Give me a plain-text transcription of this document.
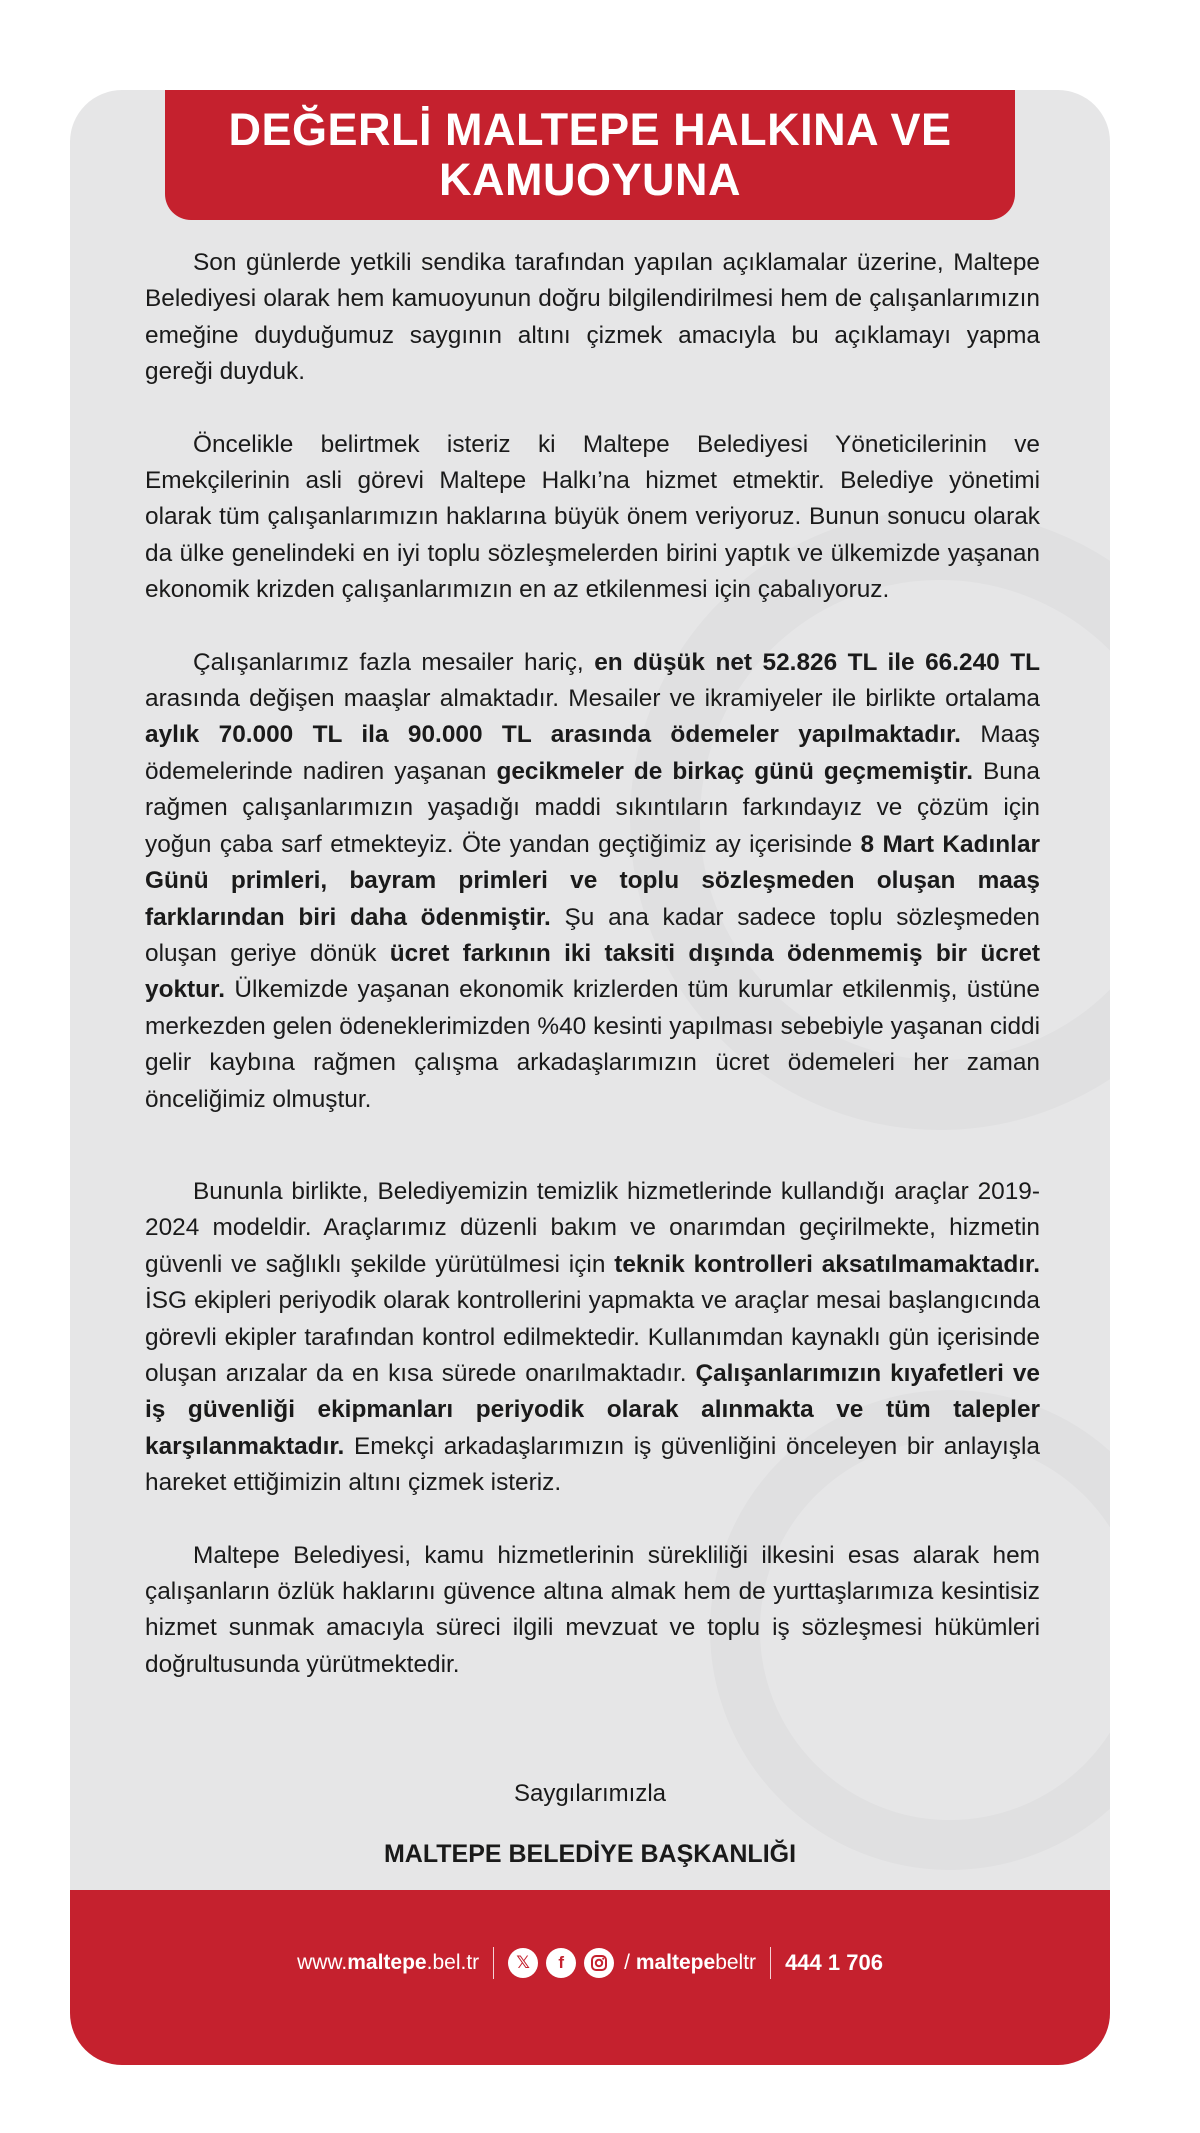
DEĞERLİ MALTEPE HALKINA VE
KAMUOYUNA

Son günlerde yetkili sendika tarafından yapılan açıklamalar üzerine, Maltepe Belediyesi olarak hem kamuoyunun doğru bilgilendirilmesi hem de çalışanlarımızın emeğine duyduğumuz saygının altını çizmek amacıyla bu açıklamayı yapma gereği duyduk.

Öncelikle belirtmek isteriz ki Maltepe Belediyesi Yöneticilerinin ve Emekçilerinin asli görevi Maltepe Halkı’na hizmet etmektir. Belediye yönetimi olarak tüm çalışanlarımızın haklarına büyük önem veriyoruz. Bunun sonucu olarak da ülke genelindeki en iyi toplu sözleşmelerden birini yaptık ve ülkemizde yaşanan ekonomik krizden çalışanlarımızın en az etkilenmesi için çabalıyoruz.

Çalışanlarımız fazla mesailer hariç, en düşük net 52.826 TL ile 66.240 TL arasında değişen maaşlar almaktadır. Mesailer ve ikramiyeler ile birlikte ortalama aylık 70.000 TL ila 90.000 TL arasında ödemeler yapılmaktadır. Maaş ödemelerinde nadiren yaşanan gecikmeler de birkaç günü geçmemiştir. Buna rağmen çalışanlarımızın yaşadığı maddi sıkıntıların farkındayız ve çözüm için yoğun çaba sarf etmekteyiz. Öte yandan geçtiğimiz ay içerisinde 8 Mart Kadınlar Günü primleri, bayram primleri ve toplu sözleşmeden oluşan maaş farklarından biri daha ödenmiştir. Şu ana kadar sadece toplu sözleşmeden oluşan geriye dönük ücret farkının iki taksiti dışında ödenmemiş bir ücret yoktur. Ülkemizde yaşanan ekonomik krizlerden tüm kurumlar etkilenmiş, üstüne merkezden gelen ödeneklerimizden %40 kesinti yapılması sebebiyle yaşanan ciddi gelir kaybına rağmen çalışma arkadaşlarımızın ücret ödemeleri her zaman önceliğimiz olmuştur.

Bununla birlikte, Belediyemizin temizlik hizmetlerinde kullandığı araçlar 2019-2024 modeldir. Araçlarımız düzenli bakım ve onarımdan geçirilmekte, hizmetin güvenli ve sağlıklı şekilde yürütülmesi için teknik kontrolleri aksatılmamaktadır. İSG ekipleri periyodik olarak kontrollerini yapmakta ve araçlar mesai başlangıcında görevli ekipler tarafından kontrol edilmektedir. Kullanımdan kaynaklı gün içerisinde oluşan arızalar da en kısa sürede onarılmaktadır. Çalışanlarımızın kıyafetleri ve iş güvenliği ekipmanları periyodik olarak alınmakta ve tüm talepler karşılanmaktadır. Emekçi arkadaşlarımızın iş güvenliğini önceleyen bir anlayışla hareket ettiğimizin altını çizmek isteriz.

Maltepe Belediyesi, kamu hizmetlerinin sürekliliği ilkesini esas alarak hem çalışanların özlük haklarını güvence altına almak hem de yurttaşlarımıza kesintisiz hizmet sunmak amacıyla süreci ilgili mevzuat ve toplu iş sözleşmesi hükümleri doğrultusunda yürütmektedir.

Saygılarımızla
MALTEPE BELEDİYE BAŞKANLIĞI
www.maltepe.bel.tr	𝕏	f	/ maltepebeltr 444 1 706
